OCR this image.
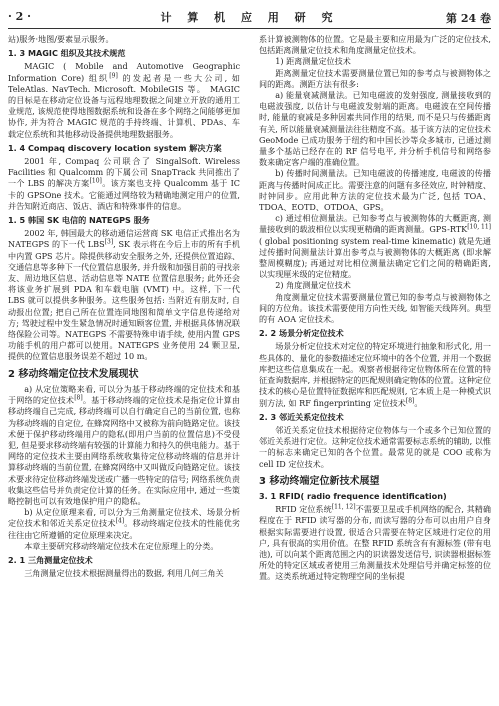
· 2 ·	计 算 机 应 用 研 究	第 24 卷

站)服务·地图/要素显示服务。

1. 3 MAGIC 组织及其技术规范

MAGIC ( Mobile and Automotive Geographic Information Core) 组织[9] 的发起者是一些大公司, 如 TeleAtlas. NavTech. Microsoft. MobileGIS 等。 MAGIC 的目标是在移动定位设备与远程地理数据之间建立开放的通用工业规范, 该规范使得地图数据系统和设备在多个网络之间能够更加协作, 并为符合 MAGIC 规范的手持终端、计算机、PDAs、车载定位系统和其他移动设备提供地理数据服务。

1. 4 Compaq discovery location system 解决方案

2001 年, Compaq 公司联合了 SingalSoft. Wireless Facilities 和 Qualcomm 的下属公司 SnapTrack 共同推出了一个 LBS 的解决方案[10]。该方案也支持 Qualcomm 基于 IC 卡的 GPSOne 技术。它能通过网络较为精确地测定用户的位置, 并告知附近商店、饭店、酒店和特殊事件的信息。

1. 5 韩国 SK 电信的 NATEGPS 服务

2002 年, 韩国最大的移动通信运营商 SK 电信正式推出名为 NATEGPS 的下一代 LBS[3], SK 表示将在今后上市的所有手机中内置 GPS 芯片。除提供移动安全服务之外, 还提供位置追踪、交通信息等多种下一代位置信息服务, 并升级和加强目前的寻找亲友、周边地区信息、活动信息等 NATE 位置信息服务; 此外还会将该业务扩展到 PDA 和车载电脑 (VMT) 中。这样, 下一代 LBS 就可以提供多种服务。这些服务包括: 当附近有朋友时, 自动报出位置; 把自己所在位置连同地图和简单文字信息传递给对方; 驾驶过程中发生紧急情况时通知顾客位置, 并根据具体情况联络保险公司等。NATEGPS 不需要特殊申请手续, 使用内置 GPS 功能手机的用户都可以使用。NATEGPS 业务使用 24 颗卫星, 提供的位置信息服务误差不超过 10 m。

2 移动终端定位技术发展现状

a) 从定位策略来看, 可以分为基于移动终端的定位技术和基于网络的定位技术[8]。基于移动终端的定位技术是指定位计算由移动终端自己完成, 移动终端可以自行确定自己的当前位置, 也称为移动终端的自定位, 在蜂窝网络中又被称为前向链路定位。该技术便于保护移动终端用户的隐私(即用户当前的位置信息)不受侵犯, 但是要求移动终端有较强的计算能力和持久的供电能力。基于网络的定位技术主要由网络系统收集待定位移动终端的信息并计算移动终端的当前位置, 在蜂窝网络中又叫做反向链路定位。该技术要求待定位移动终端发送或广播一些特定的信号; 网络系统负责收集这些信号并负责定位计算的任务。在实际应用中, 通过一些策略控制也可以有效地保护用户的隐私。

b) 从定位原理来看, 可以分为三角测量定位技术、场景分析定位技术和邻近关系定位技术[4]。移动终端定位技术的性能优劣往往由它所遵循的定位原理来决定。

本章主要研究移动终端定位技术在定位原理上的分类。

2. 1 三角测量定位技术

三角测量定位技术根据测量得出的数据, 利用几何三角关

系计算被测物体的位置。它是最主要和应用最为广泛的定位技术, 包括距离测量定位技术和角度测量定位技术。

1) 距离测量定位技术

距离测量定位技术需要测量位置已知的参考点与被测物体之间的距离。测距方法有很多:

a) 能量衰减测量法。已知电磁波的发射强度, 测量接收到的电磁波强度, 以估计与电磁波发射端的距离。电磁波在空间传播时, 能量的衰减是多种因素共同作用的结果, 而不是只与传播距离有关, 所以能量衰减测量法往往精度不高。基于该方法的定位技术 GeoMode 已成功服务于纽约和中国长沙等众多城市, 已通过测量多个基站已经存在的 RF 信号电平, 并分析手机信号和网络参数来确定客户端的准确位置。

b) 传播时间测量法。已知电磁波的传播速度, 电磁波的传播距离与传播时间成正比。需要注意的问题有多径效应, 时钟精度、时钟同步。应用此种方法的定位技术最为广泛, 包括 TOA、TDOA、EOTD、OTDOA、GPS。

c) 通过相位测量法。已知参考点与被测物体的大概距离, 测量接收到的载波相位以实现更精确的距离测量。GPS-RTK[10, 11]( global positioning system real-time kinematic) 就是先通过传播时间测量法计算出参考点与被测物体的大概距离 (即求解整周模糊度); 再通过对比相位测量法确定它们之间的精确距离, 以实现厘米级的定位精度。

2) 角度测量定位技术

角度测量定位技术需要测量位置已知的参考点与被测物体之间的方位角。该技术需要使用方向性天线, 如智能天线阵列。典型的有 AOA 定位技术。

2. 2 场景分析定位技术

场景分析定位技术对定位的特定环境进行抽象和形式化, 用一些具体的、量化的参数描述定位环境中的各个位置, 并用一个数据库把这些信息集成在一起。观察者根据待定位物体所在位置的特征查询数据库, 并根据特定的匹配规则确定物体的位置。这种定位技术的核心是位置特征数据库和匹配规则, 它本质上是一种模式识别方法, 如 RF fingerprinting 定位技术[8]。

2. 3 邻近关系定位技术

邻近关系定位技术根据待定位物体与一个或多个已知位置的邻近关系进行定位。这种定位技术通常需要标志系统的辅助, 以惟一的标志来确定已知的各个位置。最常见的就是 COO 或称为 cell ID 定位技术。

3 移动终端定位新技术展望
3. 1 RFID( radio frequence identification)

RFID 定位系统[11, 12]不需要卫星或手机网络的配合, 其精确程度在于 RFID 读写器的分布, 而读写器的分布可以由用户自身根据实际需要进行设置, 很适合只需要在特定区域进行定位的用户, 具有很高的实用价值。在整 RFID 系统含有有源标签 (带有电池), 可以向某个距离范围之内的识读器发送信号, 识读器根据标签所处的特定区域或者使用三角测量技术处理信号并确定标签的位置。这类系统通过特定物理空间的坐标提
